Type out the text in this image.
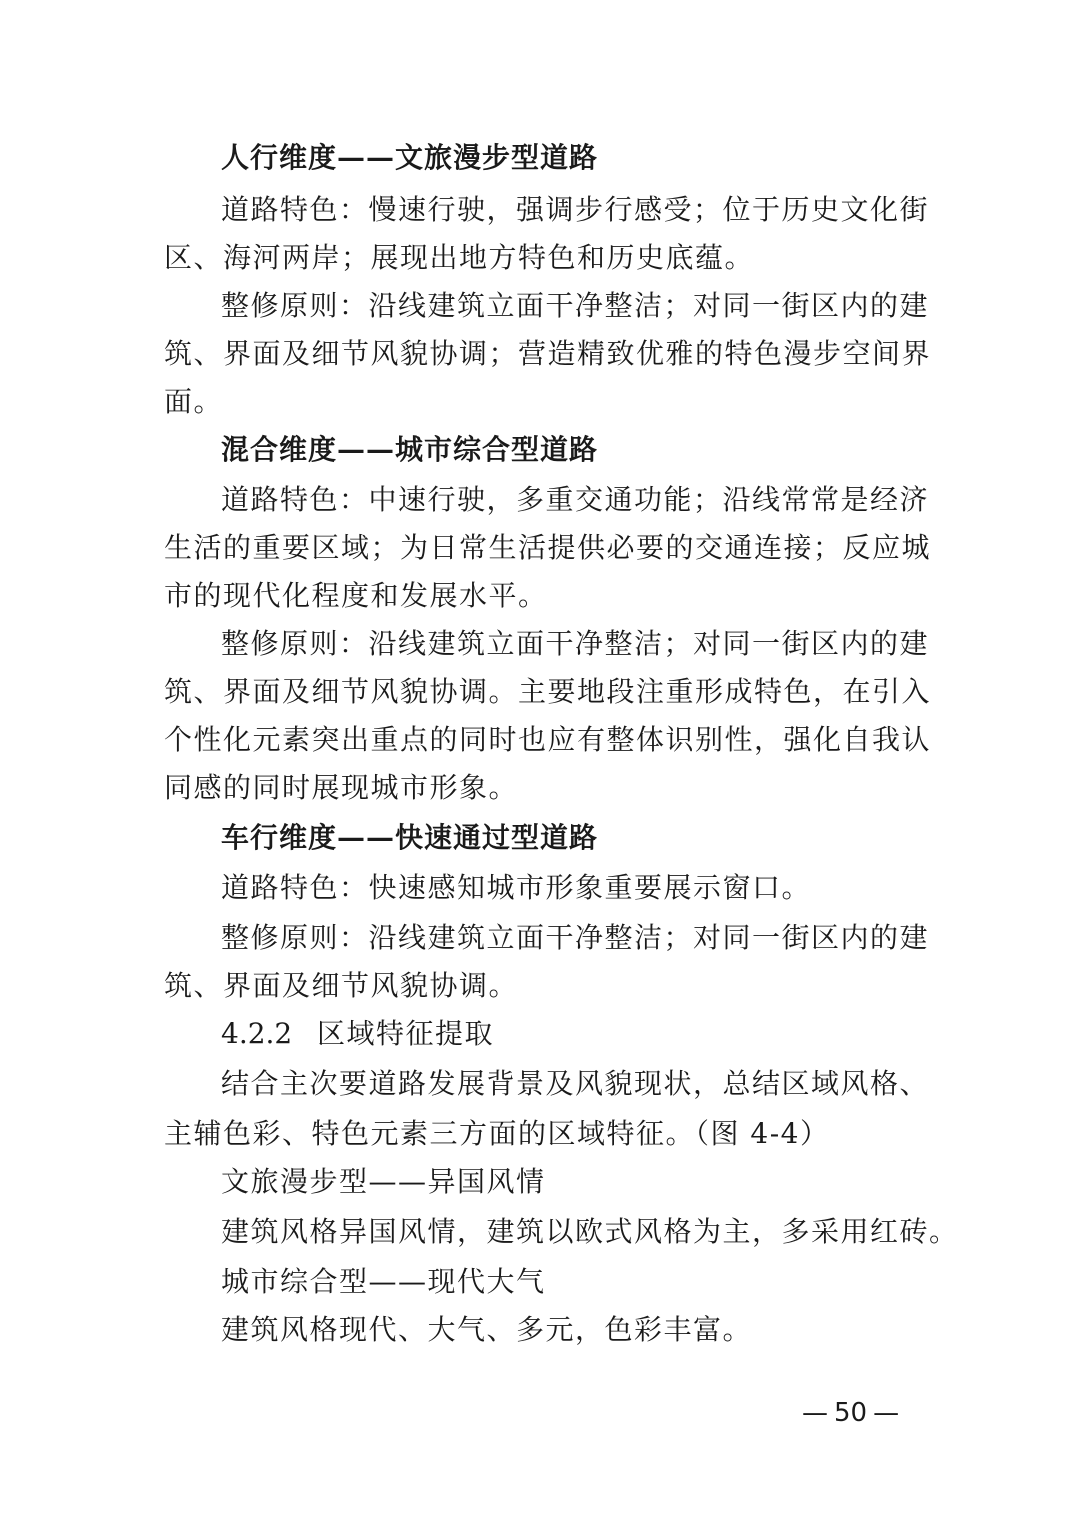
人行维度——文旅漫步型道路
道路特色：慢速行驶，强调步行感受；位于历史文化街
区、海河两岸；展现出地方特色和历史底蕴。
整修原则：沿线建筑立面干净整洁；对同一街区内的建
筑、界面及细节风貌协调；营造精致优雅的特色漫步空间界
面。
混合维度——城市综合型道路
道路特色：中速行驶，多重交通功能；沿线常常是经济
生活的重要区域；为日常生活提供必要的交通连接；反应城
市的现代化程度和发展水平。
整修原则：沿线建筑立面干净整洁；对同一街区内的建
筑、界面及细节风貌协调。主要地段注重形成特色，在引入
个性化元素突出重点的同时也应有整体识别性，强化自我认
同感的同时展现城市形象。
车行维度——快速通过型道路
道路特色：快速感知城市形象重要展示窗口。
整修原则：沿线建筑立面干净整洁；对同一街区内的建
筑、界面及细节风貌协调。
4.2.2 区域特征提取
结合主次要道路发展背景及风貌现状，总结区域风格、
主辅色彩、特色元素三方面的区域特征。（图 4-4）
文旅漫步型——异国风情
建筑风格异国风情，建筑以欧式风格为主，多采用红砖。
城市综合型——现代大气
建筑风格现代、大气、多元，色彩丰富。
— 50 —
